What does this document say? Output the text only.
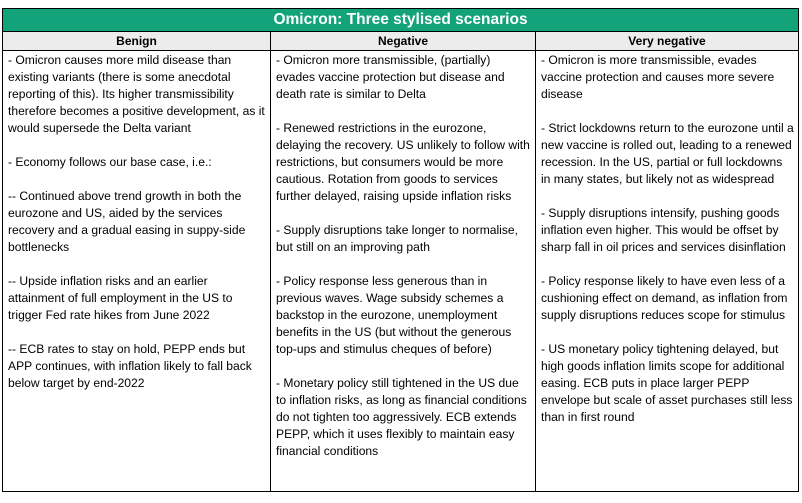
Omicron: Three stylised scenarios
Benign	Negative	Very negative

- Omicron causes more mild disease than existing variants (there is some anecdotal reporting of this). Its higher transmissibility therefore becomes a positive development, as it would supersede the Delta variant

- Economy follows our base case, i.e.:

-- Continued above trend growth in both the eurozone and US, aided by the services recovery and a gradual easing in suppy-side bottlenecks

-- Upside inflation risks and an earlier attainment of full employment in the US to trigger Fed rate hikes from June 2022

-- ECB rates to stay on hold, PEPP ends but APP continues, with inflation likely to fall back below target by end-2022

- Omicron more transmissible, (partially) evades vaccine protection but disease and death rate is similar to Delta

- Renewed restrictions in the eurozone, delaying the recovery. US unlikely to follow with restrictions, but consumers would be more cautious. Rotation from goods to services further delayed, raising upside inflation risks

- Supply disruptions take longer to normalise, but still on an improving path

- Policy response less generous than in previous waves. Wage subsidy schemes a backstop in the eurozone, unemployment benefits in the US (but without the generous top-ups and stimulus cheques of before)

- Monetary policy still tightened in the US due to inflation risks, as long as financial conditions do not tighten too aggressively. ECB extends PEPP, which it uses flexibly to maintain easy financial conditions

- Omicron is more transmissible, evades vaccine protection and causes more severe disease

- Strict lockdowns return to the eurozone until a new vaccine is rolled out, leading to a renewed recession. In the US, partial or full lockdowns in many states, but likely not as widespread

- Supply disruptions intensify, pushing goods inflation even higher. This would be offset by sharp fall in oil prices and services disinflation

- Policy response likely to have even less of a cushioning effect on demand, as inflation from supply disruptions reduces scope for stimulus

- US monetary policy tightening delayed, but high goods inflation limits scope for additional easing. ECB puts in place larger PEPP envelope but scale of asset purchases still less than in first round
